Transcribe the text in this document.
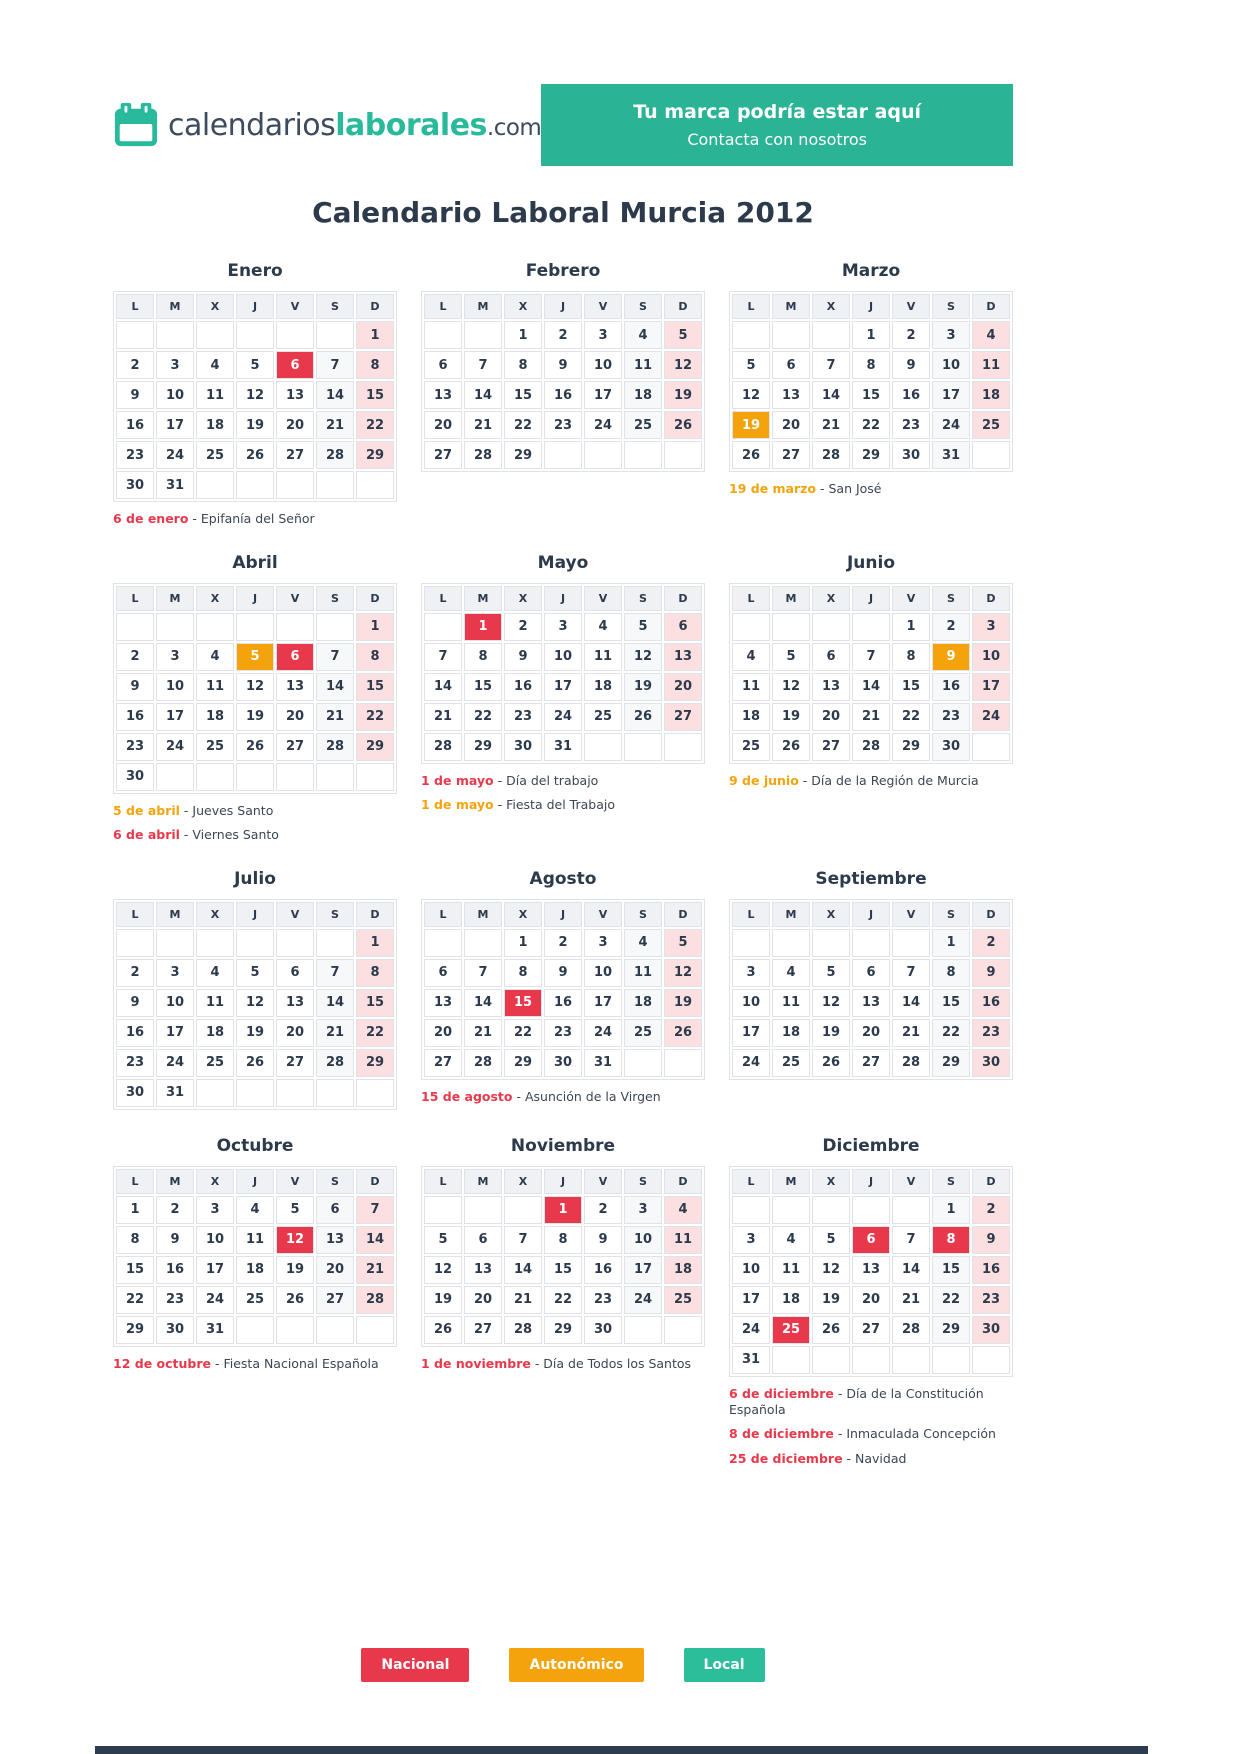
calendarioslaborales.com
Tu marca podría estar aquí
Contacta con nosotros
Calendario Laboral Murcia 2012
Enero
L	M	X	J	V	S	D
						1
2	3	4	5	6	7	8
9	10	11	12	13	14	15
16	17	18	19	20	21	22
23	24	25	26	27	28	29
30	31					
6 de enero - Epifanía del Señor
Febrero
L	M	X	J	V	S	D
		1	2	3	4	5
6	7	8	9	10	11	12
13	14	15	16	17	18	19
20	21	22	23	24	25	26
27	28	29				
Marzo
L	M	X	J	V	S	D
			1	2	3	4
5	6	7	8	9	10	11
12	13	14	15	16	17	18
19	20	21	22	23	24	25
26	27	28	29	30	31	
19 de marzo - San José
Abril
L	M	X	J	V	S	D
						1
2	3	4	5	6	7	8
9	10	11	12	13	14	15
16	17	18	19	20	21	22
23	24	25	26	27	28	29
30						
5 de abril - Jueves Santo
6 de abril - Viernes Santo
Mayo
L	M	X	J	V	S	D
	1	2	3	4	5	6
7	8	9	10	11	12	13
14	15	16	17	18	19	20
21	22	23	24	25	26	27
28	29	30	31			
1 de mayo - Día del trabajo
1 de mayo - Fiesta del Trabajo
Junio
L	M	X	J	V	S	D
				1	2	3
4	5	6	7	8	9	10
11	12	13	14	15	16	17
18	19	20	21	22	23	24
25	26	27	28	29	30	
9 de junio - Día de la Región de Murcia
Julio
L	M	X	J	V	S	D
						1
2	3	4	5	6	7	8
9	10	11	12	13	14	15
16	17	18	19	20	21	22
23	24	25	26	27	28	29
30	31					
Agosto
L	M	X	J	V	S	D
		1	2	3	4	5
6	7	8	9	10	11	12
13	14	15	16	17	18	19
20	21	22	23	24	25	26
27	28	29	30	31		
15 de agosto - Asunción de la Virgen
Septiembre
L	M	X	J	V	S	D
					1	2
3	4	5	6	7	8	9
10	11	12	13	14	15	16
17	18	19	20	21	22	23
24	25	26	27	28	29	30
Octubre
L	M	X	J	V	S	D
1	2	3	4	5	6	7
8	9	10	11	12	13	14
15	16	17	18	19	20	21
22	23	24	25	26	27	28
29	30	31				
12 de octubre - Fiesta Nacional Española
Noviembre
L	M	X	J	V	S	D
			1	2	3	4
5	6	7	8	9	10	11
12	13	14	15	16	17	18
19	20	21	22	23	24	25
26	27	28	29	30		
1 de noviembre - Día de Todos los Santos
Diciembre
L	M	X	J	V	S	D
					1	2
3	4	5	6	7	8	9
10	11	12	13	14	15	16
17	18	19	20	21	22	23
24	25	26	27	28	29	30
31						
6 de diciembre - Día de la Constitución Española
8 de diciembre - Inmaculada Concepción
25 de diciembre - Navidad
Nacional	Autonómico	Local
